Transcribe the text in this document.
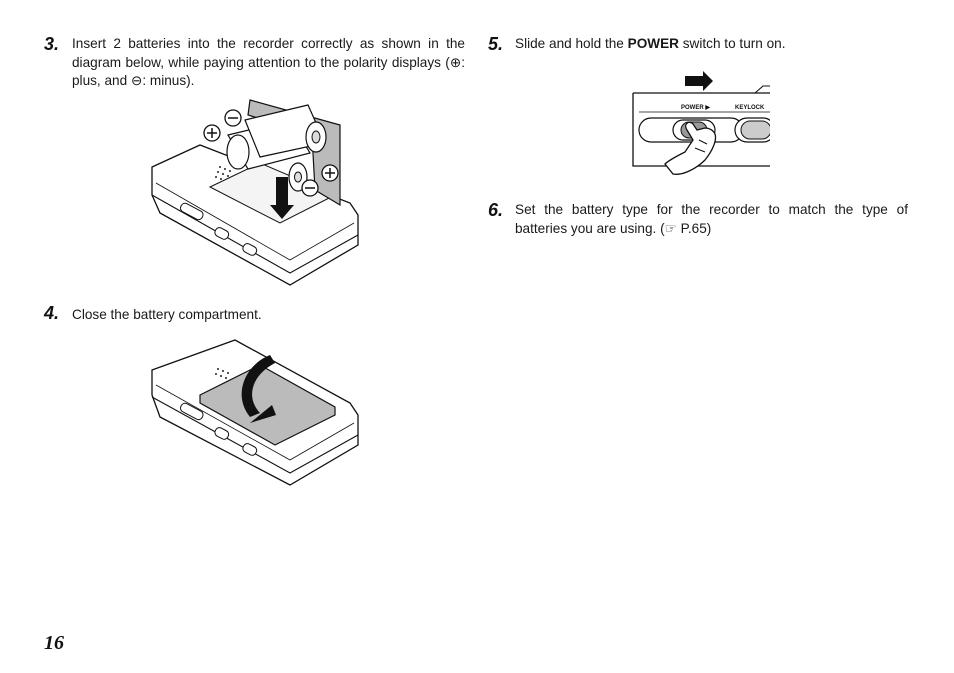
3. Insert 2 batteries into the recorder correctly as shown in the diagram below, while paying attention to the polarity displays (⊕: plus, and ⊖: minus).
4. Close the battery compartment.
5. Slide and hold the POWER switch to turn on.
POWER ▶	KEYLOCK
6. Set the battery type for the recorder to match the type of batteries you are using. (☞ P.65)
16
